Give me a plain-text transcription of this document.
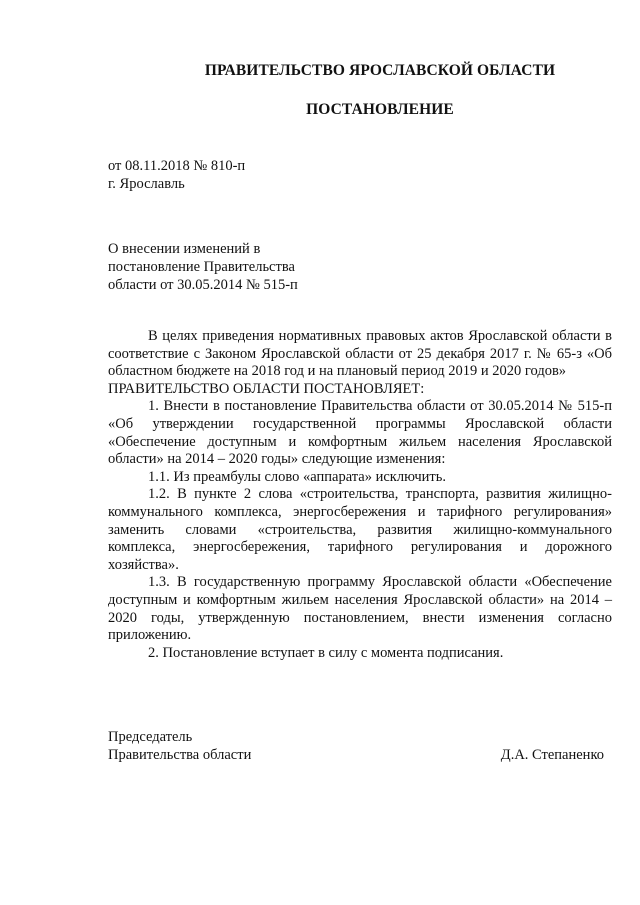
ПРАВИТЕЛЬСТВО ЯРОСЛАВСКОЙ ОБЛАСТИ
ПОСТАНОВЛЕНИЕ
от 08.11.2018 № 810-п
г. Ярославль
О внесении изменений в
постановление Правительства
области от 30.05.2014 № 515-п

В целях приведения нормативных правовых актов Ярославской области в соответствие с Законом Ярославской области от 25 декабря 2017 г. № 65-з «Об областном бюджете на 2018 год и на плановый период 2019 и 2020 годов»

ПРАВИТЕЛЬСТВО ОБЛАСТИ ПОСТАНОВЛЯЕТ:

1. Внести в постановление Правительства области от 30.05.2014 № 515-п «Об утверждении государственной программы Ярославской области «Обеспечение доступным и комфортным жильем населения Ярославской области» на 2014 – 2020 годы» следующие изменения:

1.1. Из преамбулы слово «аппарата» исключить.

1.2. В пункте 2 слова «строительства, транспорта, развития жилищно-коммунального комплекса, энергосбережения и тарифного регулирования» заменить словами «строительства, развития жилищно-коммунального комплекса, энергосбережения, тарифного регулирования и дорожного хозяйства».

1.3. В государственную программу Ярославской области «Обеспечение доступным и комфортным жильем населения Ярославской области» на 2014 – 2020 годы, утвержденную постановлением, внести изменения согласно приложению.

2. Постановление вступает в силу с момента подписания.

Председатель
Правительства области	Д.А. Степаненко
